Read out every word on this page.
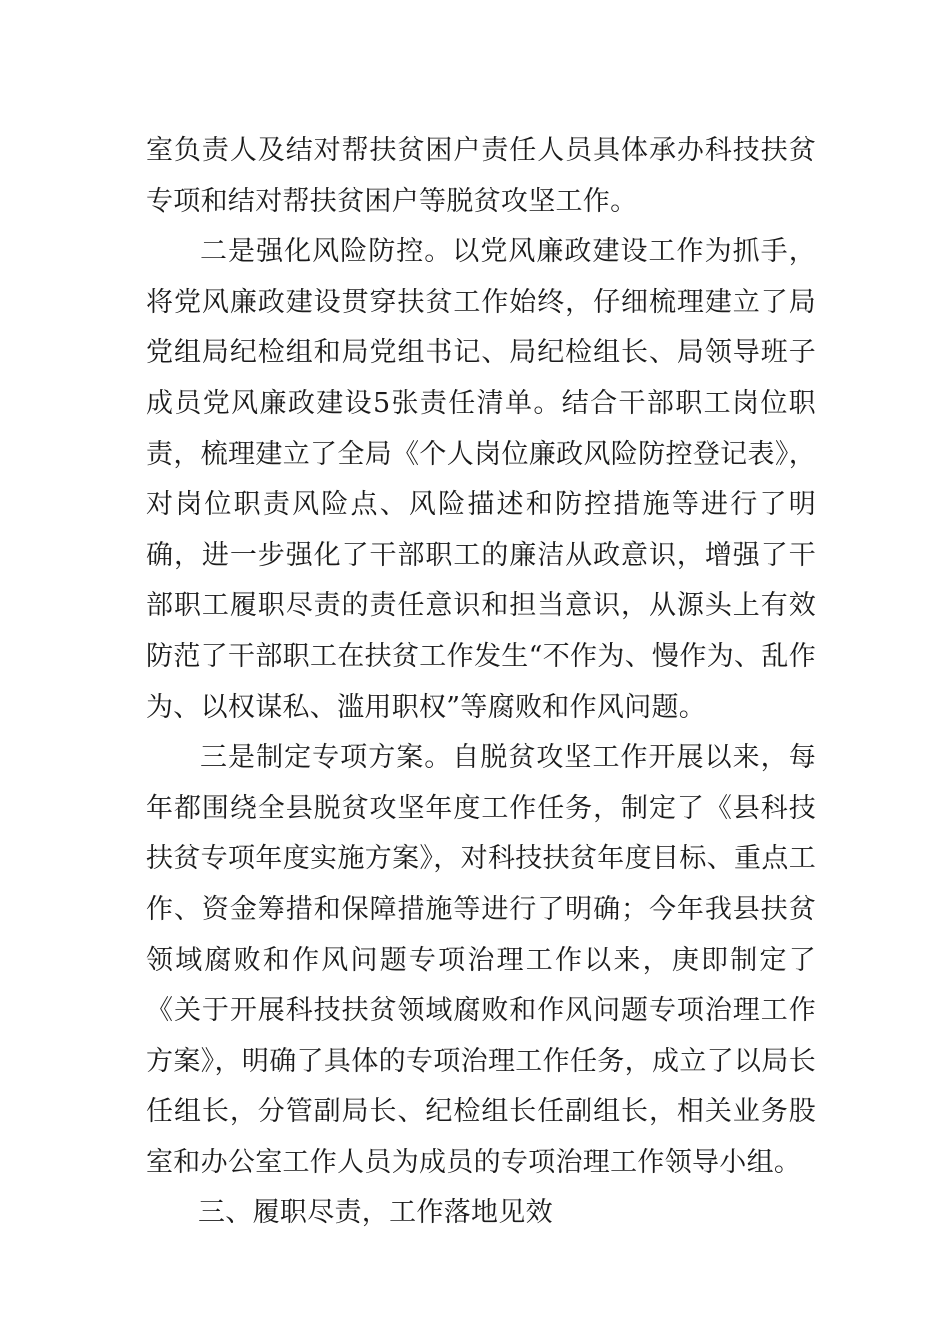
室负责人及结对帮扶贫困户责任人员具体承办科技扶贫专项和结对帮扶贫困户等脱贫攻坚工作。

二是强化风险防控。以党风廉政建设工作为抓手，将党风廉政建设贯穿扶贫工作始终，仔细梳理建立了局党组局纪检组和局党组书记、局纪检组长、局领导班子成员党风廉政建设5张责任清单。结合干部职工岗位职责，梳理建立了全局《个人岗位廉政风险防控登记表》，对岗位职责风险点、风险描述和防控措施等进行了明确，进一步强化了干部职工的廉洁从政意识，增强了干部职工履职尽责的责任意识和担当意识，从源头上有效防范了干部职工在扶贫工作发生“不作为、慢作为、乱作为、以权谋私、滥用职权”等腐败和作风问题。

三是制定专项方案。自脱贫攻坚工作开展以来，每年都围绕全县脱贫攻坚年度工作任务，制定了《县科技扶贫专项年度实施方案》，对科技扶贫年度目标、重点工作、资金筹措和保障措施等进行了明确；今年我县扶贫领域腐败和作风问题专项治理工作以来，庚即制定了《关于开展科技扶贫领域腐败和作风问题专项治理工作方案》，明确了具体的专项治理工作任务，成立了以局长任组长，分管副局长、纪检组长任副组长，相关业务股室和办公室工作人员为成员的专项治理工作领导小组。

三、履职尽责，工作落地见效
